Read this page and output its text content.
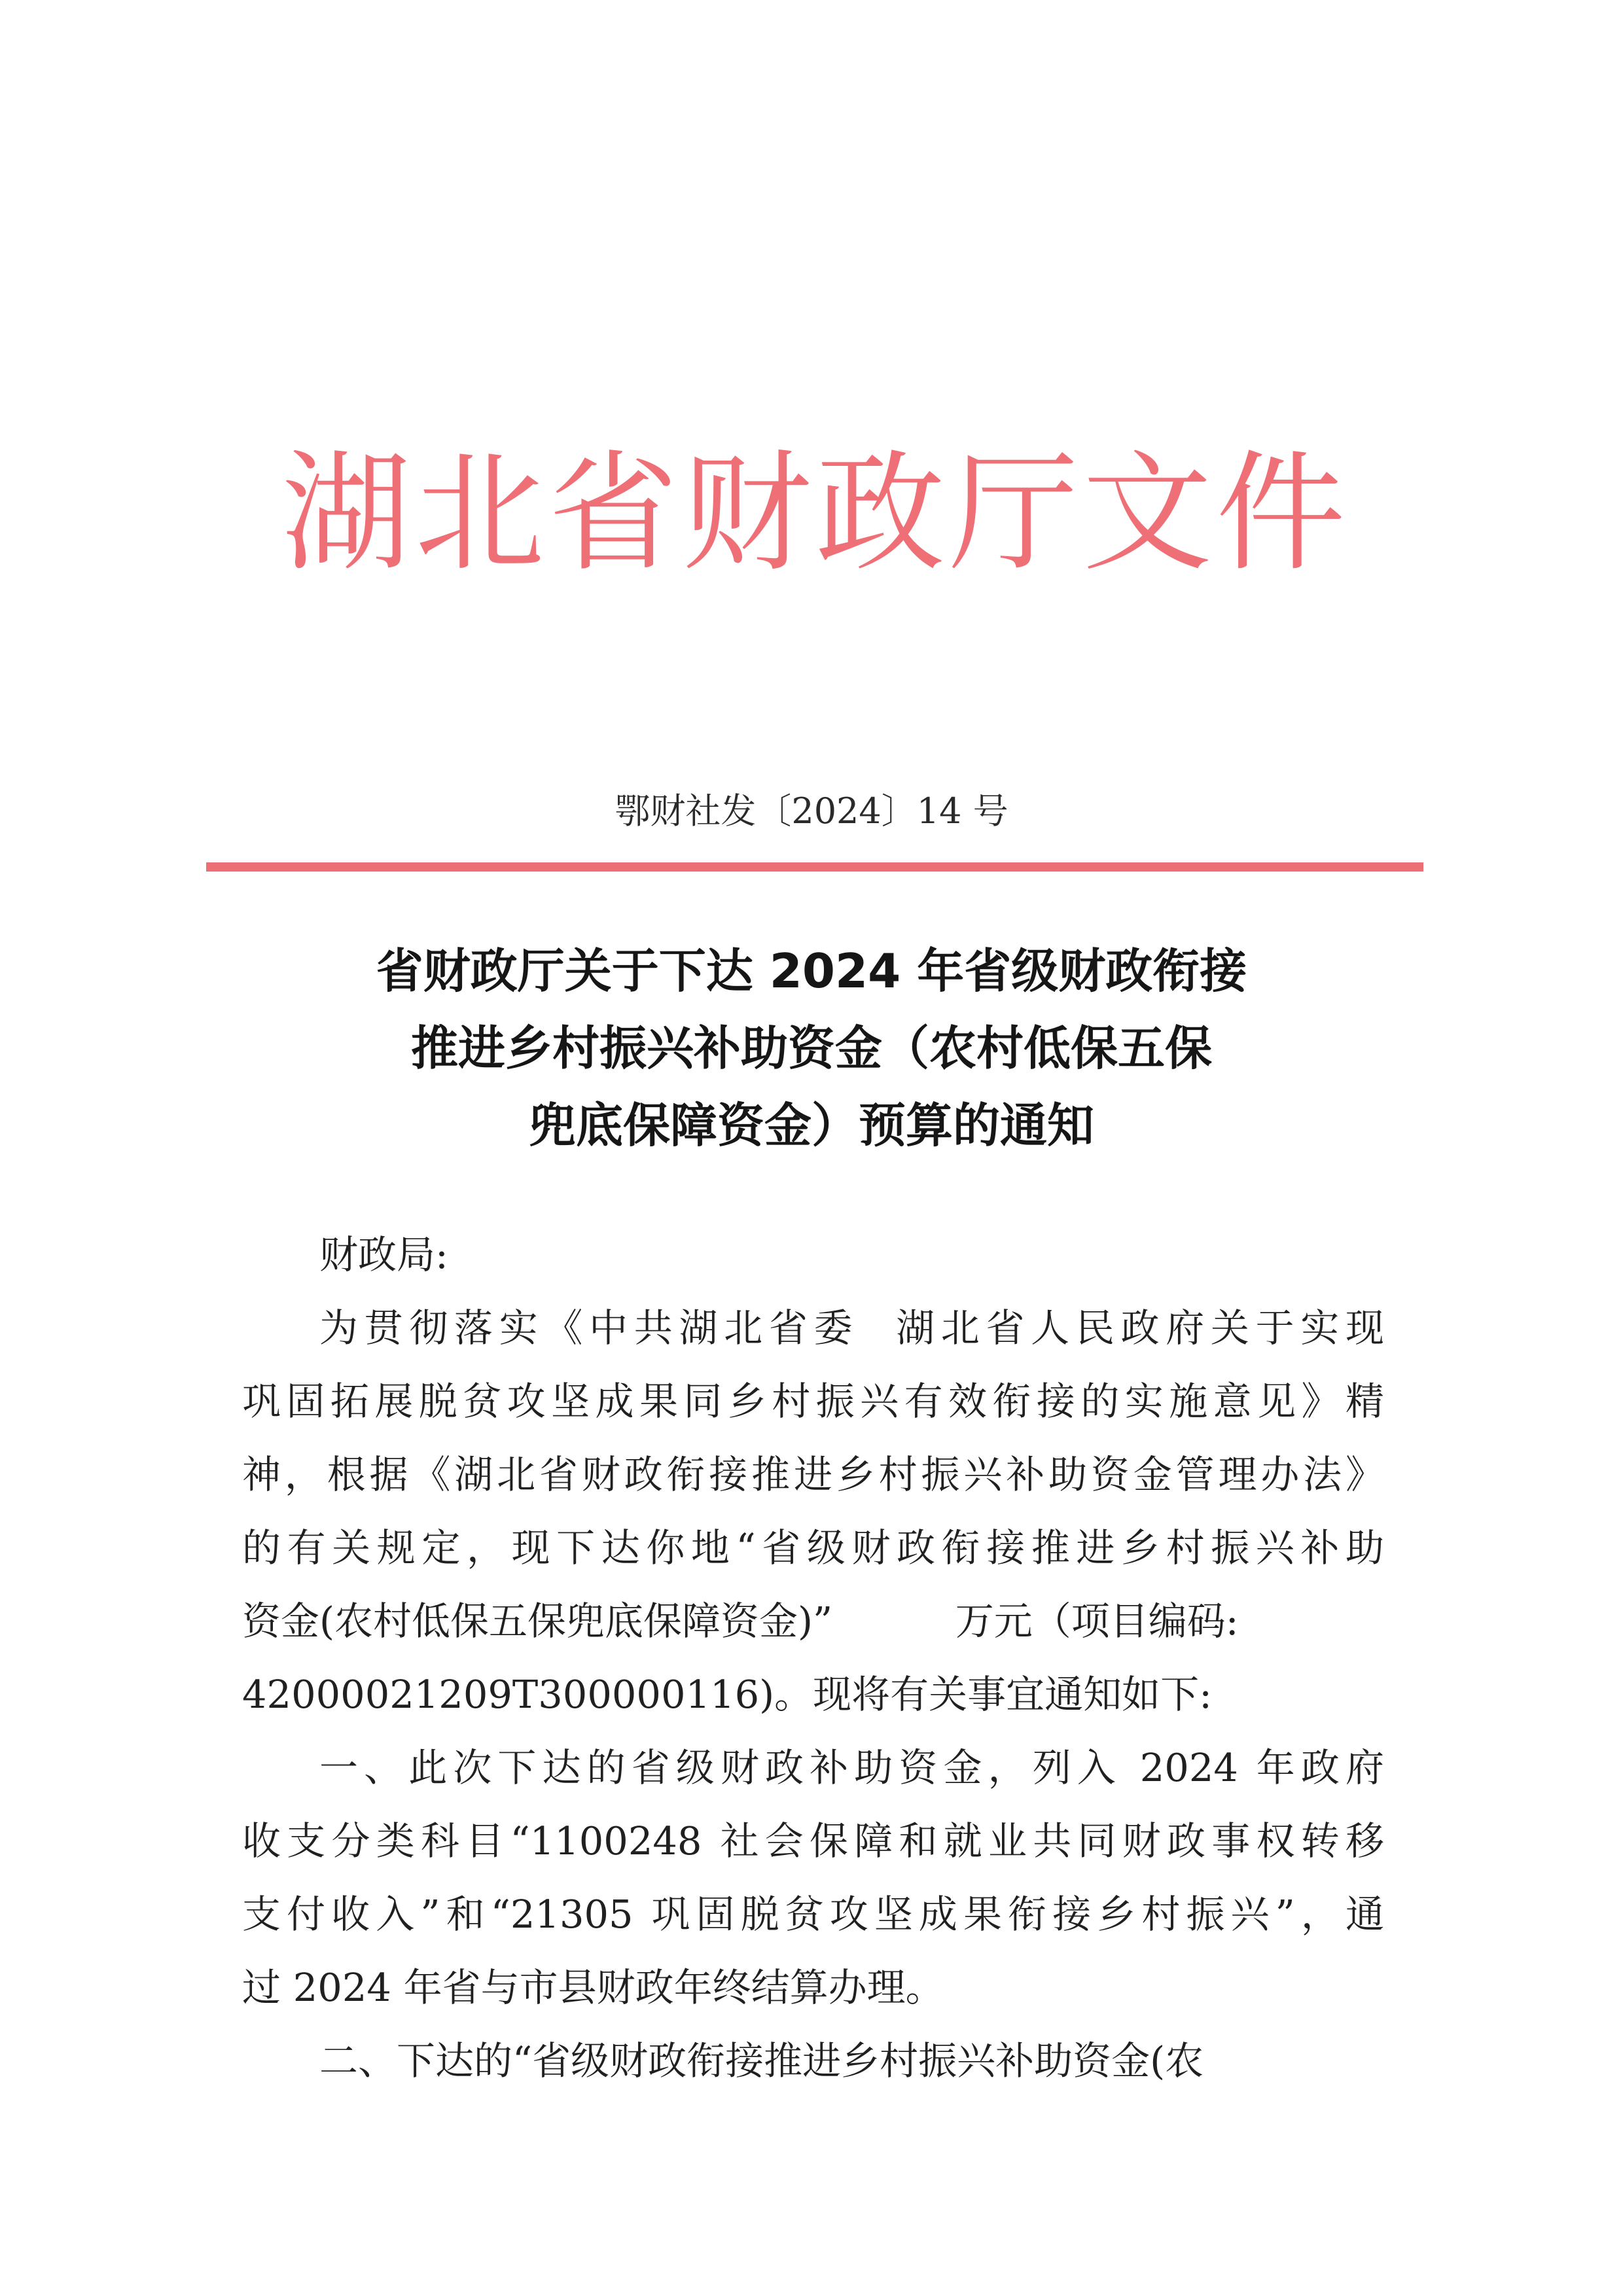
湖北省财政厅文件
鄂财社发〔2024〕14 号
省财政厅关于下达 2024 年省级财政衔接
推进乡村振兴补助资金（农村低保五保
兜底保障资金）预算的通知
财政局:
为贯彻落实《中共湖北省委  湖北省人民政府关于实现
巩固拓展脱贫攻坚成果同乡村振兴有效衔接的实施意见》精
神，根据《湖北省财政衔接推进乡村振兴补助资金管理办法》
的有关规定，现下达你地“省级财政衔接推进乡村振兴补助
资金(农村低保五保兜底保障资金)”          万元（项目编码:
42000021209T300000116)。现将有关事宜通知如下:
一、此次下达的省级财政补助资金，列入 2024 年政府
收支分类科目“1100248 社会保障和就业共同财政事权转移
支付收入”和“21305 巩固脱贫攻坚成果衔接乡村振兴”，通
过 2024 年省与市县财政年终结算办理。
二、下达的“省级财政衔接推进乡村振兴补助资金(农
